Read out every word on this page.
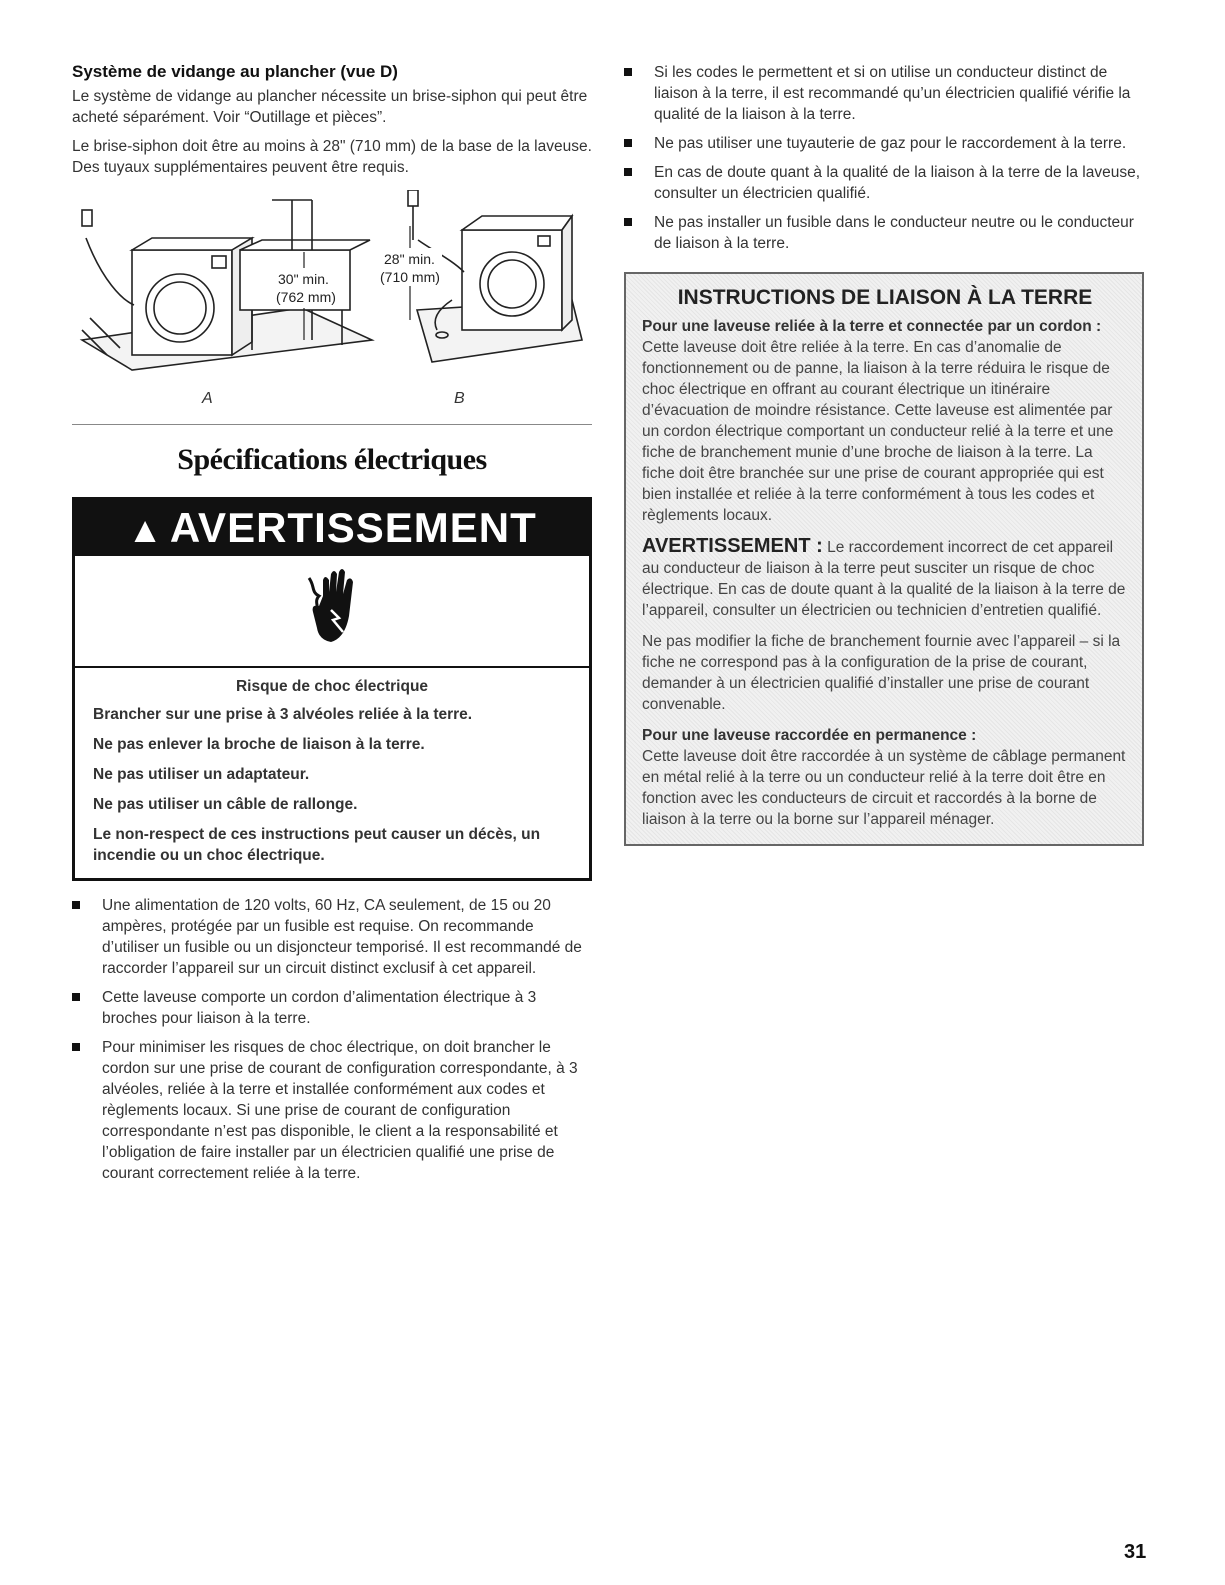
Système de vidange au plancher (vue D)

Le système de vidange au plancher nécessite un brise-siphon qui peut être acheté séparément. Voir “Outillage et pièces”.

Le brise-siphon doit être au moins à 28" (710 mm) de la base de la laveuse. Des tuyaux supplémentaires peuvent être requis.

30" min.
(762 mm)
28" min.
(710 mm)
A	B
Spécifications électriques
▲ AVERTISSEMENT
Risque de choc électrique
Brancher sur une prise à 3 alvéoles reliée à la terre.
Ne pas enlever la broche de liaison à la terre.
Ne pas utiliser un adaptateur.
Ne pas utiliser un câble de rallonge.
Le non-respect de ces instructions peut causer un décès, un incendie ou un choc électrique.
Une alimentation de 120 volts, 60 Hz, CA seulement, de 15 ou 20 ampères, protégée par un fusible est requise. On recommande d’utiliser un fusible ou un disjoncteur temporisé. Il est recommandé de raccorder l’appareil sur un circuit distinct exclusif à cet appareil.
Cette laveuse comporte un cordon d’alimentation électrique à 3 broches pour liaison à la terre.
Pour minimiser les risques de choc électrique, on doit brancher le cordon sur une prise de courant de configuration correspondante, à 3 alvéoles, reliée à la terre et installée conformément aux codes et règlements locaux. Si une prise de courant de configuration correspondante n’est pas disponible, le client a la responsabilité et l’obligation de faire installer par un électricien qualifié une prise de courant correctement reliée à la terre.
Si les codes le permettent et si on utilise un conducteur distinct de liaison à la terre, il est recommandé qu’un électricien qualifié vérifie la qualité de la liaison à la terre.
Ne pas utiliser une tuyauterie de gaz pour le raccordement à la terre.
En cas de doute quant à la qualité de la liaison à la terre de la laveuse, consulter un électricien qualifié.
Ne pas installer un fusible dans le conducteur neutre ou le conducteur de liaison à la terre.
INSTRUCTIONS DE LIAISON À LA TERRE
Pour une laveuse reliée à la terre et connectée par un cordon :

Cette laveuse doit être reliée à la terre. En cas d’anomalie de fonctionnement ou de panne, la liaison à la terre réduira le risque de choc électrique en offrant au courant électrique un itinéraire d’évacuation de moindre résistance. Cette laveuse est alimentée par un cordon électrique comportant un conducteur relié à la terre et une fiche de branchement munie d’une broche de liaison à la terre. La fiche doit être branchée sur une prise de courant appropriée qui est bien installée et reliée à la terre conformément à tous les codes et règlements locaux.

AVERTISSEMENT : Le raccordement incorrect de cet appareil au conducteur de liaison à la terre peut susciter un risque de choc électrique. En cas de doute quant à la qualité de la liaison à la terre de l’appareil, consulter un électricien ou technicien d’entretien qualifié.

Ne pas modifier la fiche de branchement fournie avec l’appareil – si la fiche ne correspond pas à la configuration de la prise de courant, demander à un électricien qualifié d’installer une prise de courant convenable.

Pour une laveuse raccordée en permanence :

Cette laveuse doit être raccordée à un système de câblage permanent en métal relié à la terre ou un conducteur relié à la terre doit être en fonction avec les conducteurs de circuit et raccordés à la borne de liaison à la terre ou la borne sur l’appareil ménager.

31
